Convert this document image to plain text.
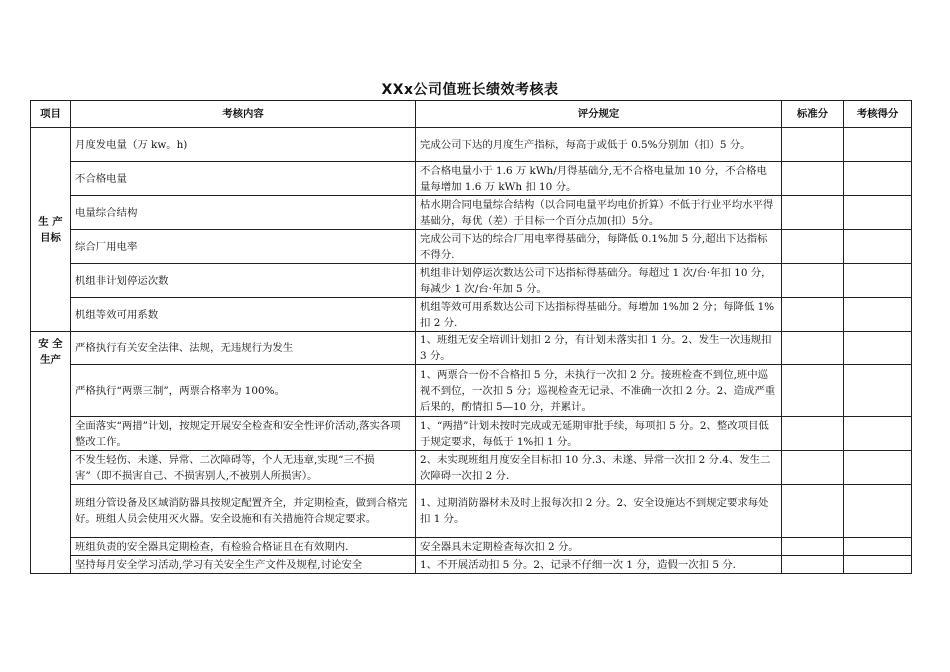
XXx公司值班长绩效考核表
项目	考核内容	评分规定	标准分	考核得分

生 产
目标	月度发电量（万 kw。h)	完成公司下达的月度生产指标，每高于或低于 0.5%分别加（扣）5 分。		
	不合格电量	不合格电量小于 1.6 万 kWh/月得基础分,无不合格电量加 10 分，不合格电量每增加 1.6 万 kWh 扣 10 分。		
	电量综合结构	枯水期合同电量综合结构（以合同电量平均电价折算）不低于行业平均水平得基础分，每优（差）于目标一个百分点加(扣）5分。		
	综合厂用电率	完成公司下达的综合厂用电率得基础分，每降低 0.1%加 5 分,超出下达指标不得分.		
	机组非计划停运次数	机组非计划停运次数达公司下达指标得基础分。每超过 1 次/台·年扣 10 分，每减少 1 次/台·年加 5 分。		
	机组等效可用系数	机组等效可用系数达公司下达指标得基础分。每增加 1%加 2 分；每降低 1%扣 2 分.		

安 全
生产	严格执行有关安全法律、法规，无违规行为发生	1、班组无安全培训计划扣 2 分，有计划未落实扣 1 分。2、发生一次违规扣 3 分。		
	严格执行“两票三制”，两票合格率为 100%。	1、两票合一份不合格扣 5 分，未执行一次扣 2 分。接班检查不到位,班中巡视不到位，一次扣 5 分；巡视检查无记录、不准确一次扣 2 分。2、造成严重后果的，酌情扣 5—10 分，并累计。		
	全面落实“两措”计划，按规定开展安全检查和安全性评价活动,落实各项整改工作。	1、“两措”计划未按时完成或无延期审批手续，每项扣 5 分。2、整改项目低于规定要求，每低于 1%扣 1 分。		
	不发生轻伤、未遂、异常、二次障碍等，个人无违章,实现“三不损害”（即不损害自己、不损害别人,不被别人所损害）。	2、未实现班组月度安全目标扣 10 分.3、未遂、异常一次扣 2 分.4、发生二次障碍一次扣 2 分.		
	班组分管设备及区域消防器具按规定配置齐全，并定期检查，做到合格完好。班组人员会使用灭火器。安全设施和有关措施符合规定要求。	1、过期消防器材未及时上报每次扣 2 分。2、安全设施达不到规定要求每处扣 1 分。		
	班组负责的安全器具定期检查，有检验合格证且在有效期内.	安全器具未定期检查每次扣 2 分。		
	坚持每月安全学习活动,学习有关安全生产文件及规程,讨论安全	1、不开展活动扣 5 分。2、记录不仔细一次 1 分，造假一次扣 5 分.		
